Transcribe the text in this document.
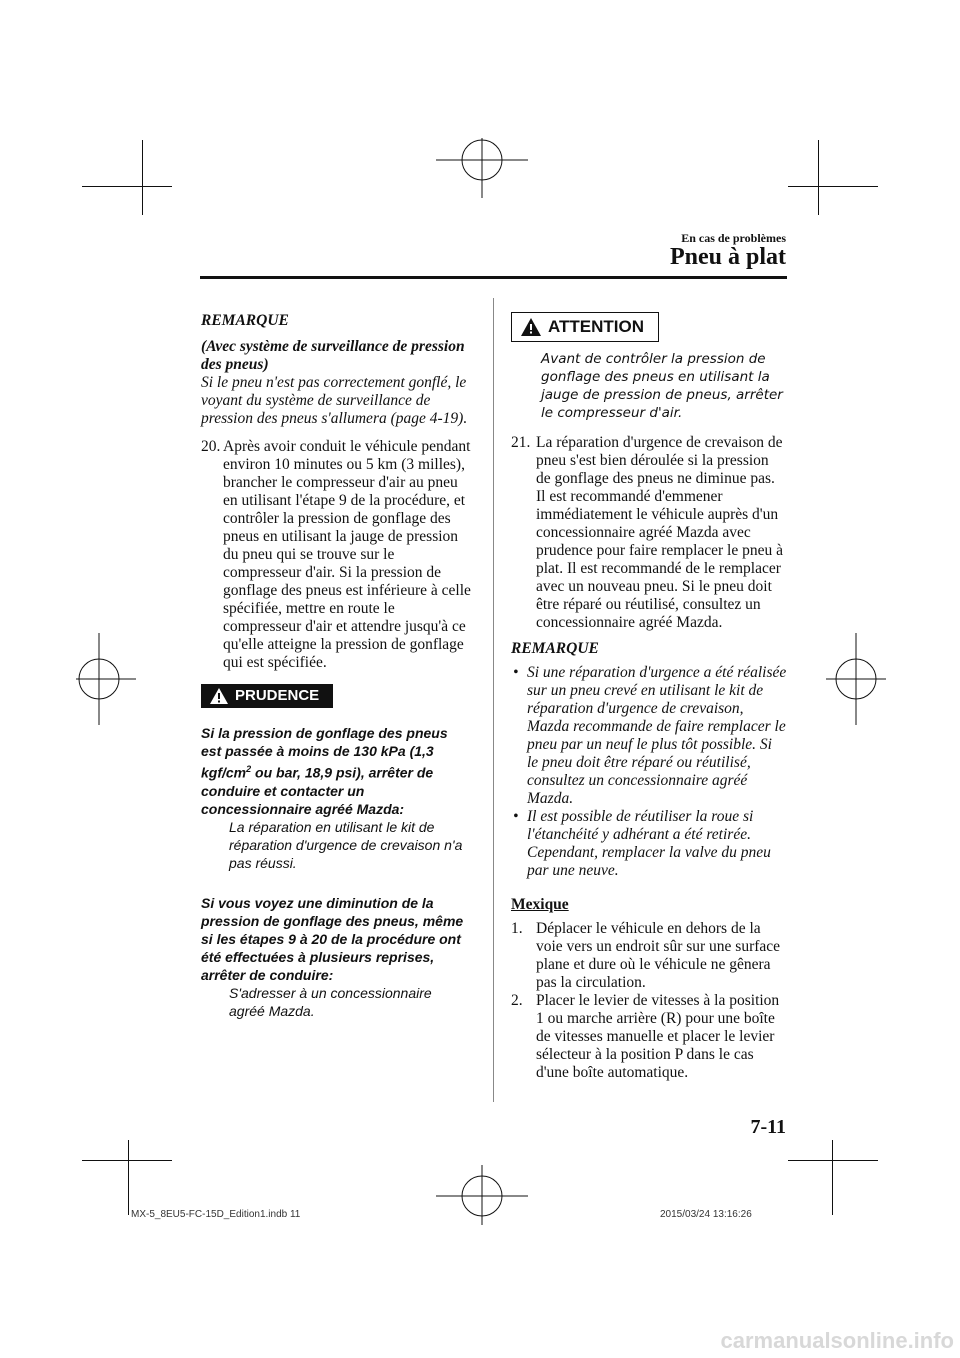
En cas de problèmes
Pneu à plat
REMARQUE
(Avec système de surveillance de pression des pneus)
Si le pneu n'est pas correctement gonflé, le voyant du système de surveillance de pression des pneus s'allumera (page 4-19).
20. Après avoir conduit le véhicule pendant environ 10 minutes ou 5 km (3 milles), brancher le compresseur d'air au pneu en utilisant l'étape 9 de la procédure, et contrôler la pression de gonflage des pneus en utilisant la jauge de pression du pneu qui se trouve sur le compresseur d'air. Si la pression de gonflage des pneus est inférieure à celle spécifiée, mettre en route le compresseur d'air et attendre jusqu'à ce qu'elle atteigne la pression de gonflage qui est spécifiée.
PRUDENCE
Si la pression de gonflage des pneus est passée à moins de 130 kPa (1,3 kgf/$cm^2$ ou bar, 18,9 psi), arrêter de conduire et contacter un concessionnaire agréé Mazda:
La réparation en utilisant le kit de réparation d'urgence de crevaison n'a pas réussi.
Si vous voyez une diminution de la pression de gonflage des pneus, même si les étapes 9 à 20 de la procédure ont été effectuées à plusieurs reprises, arrêter de conduire:
S'adresser à un concessionnaire agréé Mazda.
ATTENTION
Avant de contrôler la pression de gonflage des pneus en utilisant la jauge de pression de pneus, arrêter le compresseur d'air.
21. La réparation d'urgence de crevaison de pneu s'est bien déroulée si la pression de gonflage des pneus ne diminue pas. Il est recommandé d'emmener immédiatement le véhicule auprès d'un concessionnaire agréé Mazda avec prudence pour faire remplacer le pneu à plat. Il est recommandé de le remplacer avec un nouveau pneu. Si le pneu doit être réparé ou réutilisé, consultez un concessionnaire agréé Mazda.
REMARQUE
• Si une réparation d'urgence a été réalisée sur un pneu crevé en utilisant le kit de réparation d'urgence de crevaison, Mazda recommande de faire remplacer le pneu par un neuf le plus tôt possible. Si le pneu doit être réparé ou réutilisé, consultez un concessionnaire agréé Mazda.
• Il est possible de réutiliser la roue si l'étanchéité y adhérant a été retirée. Cependant, remplacer la valve du pneu par une neuve.
Mexique
1. Déplacer le véhicule en dehors de la voie vers un endroit sûr sur une surface plane et dure où le véhicule ne gênera pas la circulation.
2. Placer le levier de vitesses à la position 1 ou marche arrière (R) pour une boîte de vitesses manuelle et placer le levier sélecteur à la position P dans le cas d'une boîte automatique.
7-11
MX-5_8EU5-FC-15D_Edition1.indb 11	2015/03/24 13:16:26
carmanualsonline.info
